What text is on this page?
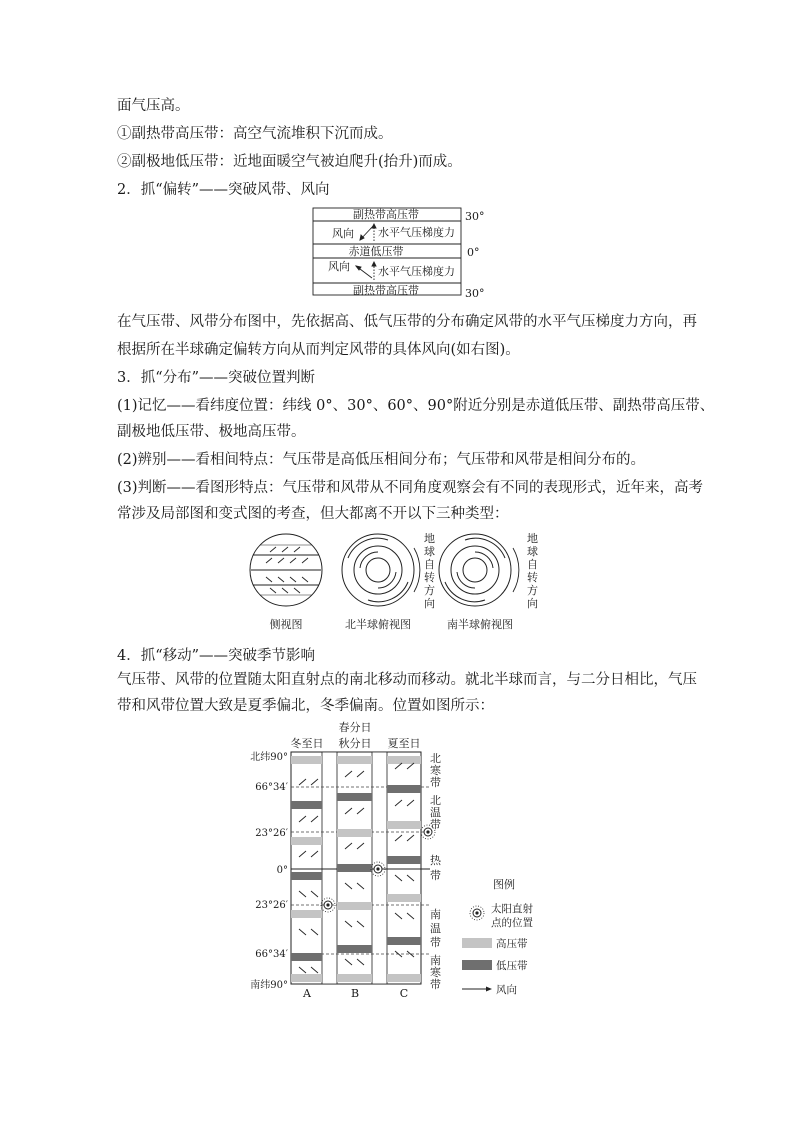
面气压高。
①副热带高压带：高空气流堆积下沉而成。
②副极地低压带：近地面暖空气被迫爬升(抬升)而成。
2．抓“偏转”——突破风带、风向
副热带高压带
赤道低压带
副热带高压带
风向
风向
水平气压梯度力
水平气压梯度力
30°
0°
30°
在气压带、风带分布图中，先依据高、低气压带的分布确定风带的水平气压梯度力方向，再
根据所在半球确定偏转方向从而判定风带的具体风向(如右图)。
3．抓“分布”——突破位置判断
(1)记忆——看纬度位置：纬线 0°、30°、60°、90°附近分别是赤道低压带、副热带高压带、
副极地低压带、极地高压带。
(2)辨别——看相间特点：气压带是高低压相间分布；气压带和风带是相间分布的。
(3)判断——看图形特点：气压带和风带从不同角度观察会有不同的表现形式，近年来，高考
常涉及局部图和变式图的考查，但大都离不开以下三种类型：
地
球
自
转
方
向
地
球
自
转
方
向
侧视图	北半球俯视图	南半球俯视图
4．抓“移动”——突破季节影响
气压带、风带的位置随太阳直射点的南北移动而移动。就北半球而言，与二分日相比，气压
带和风带位置大致是夏季偏北，冬季偏南。位置如图所示：
冬至日
春分日
秋分日 夏至日
北纬90°
66°34′
23°26′
0°
23°26′
66°34′
南纬90°
A	B	C
北
寒
带
北
温
带
热
带
南
温
带
南
寒
带
图例
太阳直射
点的位置
高压带
低压带
风向
